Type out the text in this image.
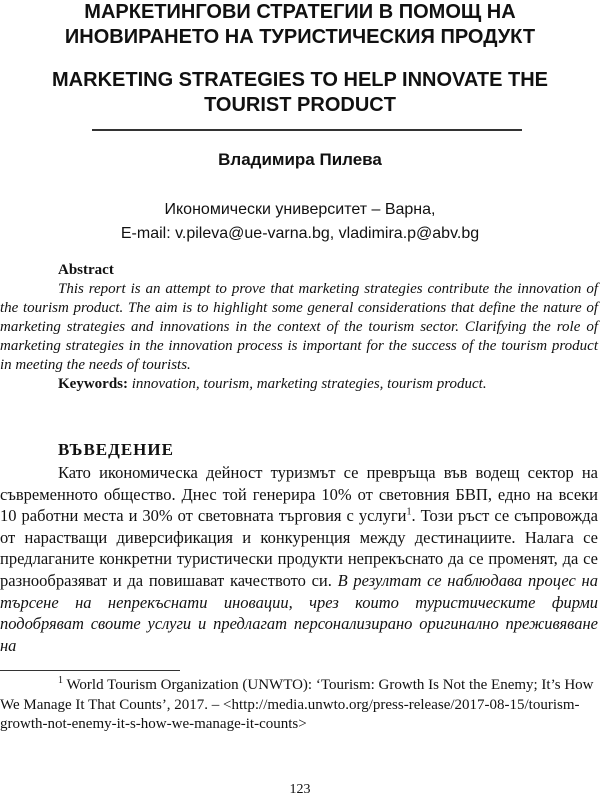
МАРКЕТИНГОВИ СТРАТЕГИИ В ПОМОЩ НА
ИНОВИРАНЕТО НА ТУРИСТИЧЕСКИЯ ПРОДУКТ
MARKETING STRATEGIES TO HELP INNOVATE THE
TOURIST PRODUCT
Владимира Пилева
Икономически университет – Варна,
E-mail: v.pileva@ue-varna.bg, vladimira.p@abv.bg
Abstract
This report is an attempt to prove that marketing strategies contribute the innovation of the tourism product. The aim is to highlight some general considerations that define the nature of marketing strategies and innovations in the context of the tourism sector. Clarifying the role of marketing strategies in the innovation process is important for the success of the tourism product in meeting the needs of tourists.
Keywords: innovation, tourism, marketing strategies, tourism product.
ВЪВЕДЕНИЕ
Като икономическа дейност туризмът се превръща във водещ сектор на съвременното общество. Днес той генерира 10% от световния БВП, едно на всеки 10 работни места и 30% от световната търговия с услуги$^1$. Този ръст се съпровожда от нарастващи диверсификация и конкуренция между дестинациите. Налага се предлаганите конкретни туристически продукти непрекъснато да се променят, да се разнообразяват и да повишават качеството си. В резултат се наблюдава процес на търсене на непрекъснати иновации, чрез които туристическите фирми подобряват своите услуги и предлагат персонализирано оригинално преживяване на
$^1$ World Tourism Organization (UNWTO): ‘Tourism: Growth Is Not the Enemy; It’s How We Manage It That Counts’, 2017. – <http://media.unwto.org/press-release/2017-08-15/tourism-growth-not-enemy-it-s-how-we-manage-it-counts>
123
